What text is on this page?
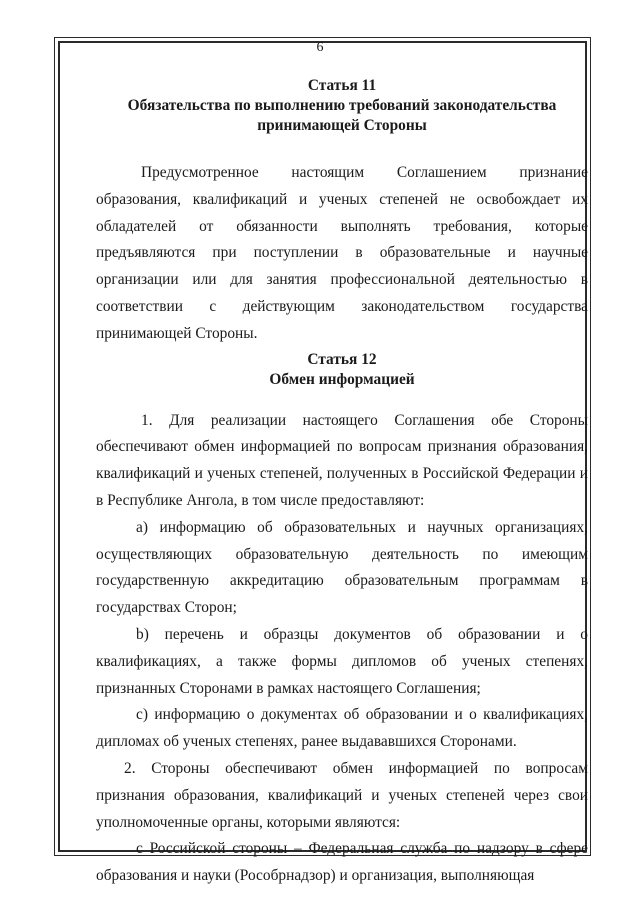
6
Статья 11
Обязательства по выполнению требований законодательства
принимающей Стороны

Предусмотренное настоящим Соглашением признание образования, квалификаций и ученых степеней не освобождает их обладателей от обязанности выполнять требования, которые предъявляются при поступлении в образовательные и научные организации или для занятия профессиональной деятельностью в соответствии с действующим законодательством государства принимающей Стороны.

Статья 12
Обмен информацией

1. Для реализации настоящего Соглашения обе Стороны обеспечивают обмен информацией по вопросам признания образования, квалификаций и ученых степеней, полученных в Российской Федерации и в Республике Ангола, в том числе предоставляют:

а) информацию об образовательных и научных организациях, осуществляющих образовательную деятельность по имеющим государственную аккредитацию образовательным программам в государствах Сторон;

b) перечень и образцы документов об образовании и о квалификациях, а также формы дипломов об ученых степенях, признанных Сторонами в рамках настоящего Соглашения;

с) информацию о документах об образовании и о квалификациях, дипломах об ученых степенях, ранее выдававшихся Сторонами.

2. Стороны обеспечивают обмен информацией по вопросам признания образования, квалификаций и ученых степеней через свои уполномоченные органы, которыми являются:

с Российской стороны – Федеральная служба по надзору в сфере образования и науки (Рособрнадзор) и организация, выполняющая
